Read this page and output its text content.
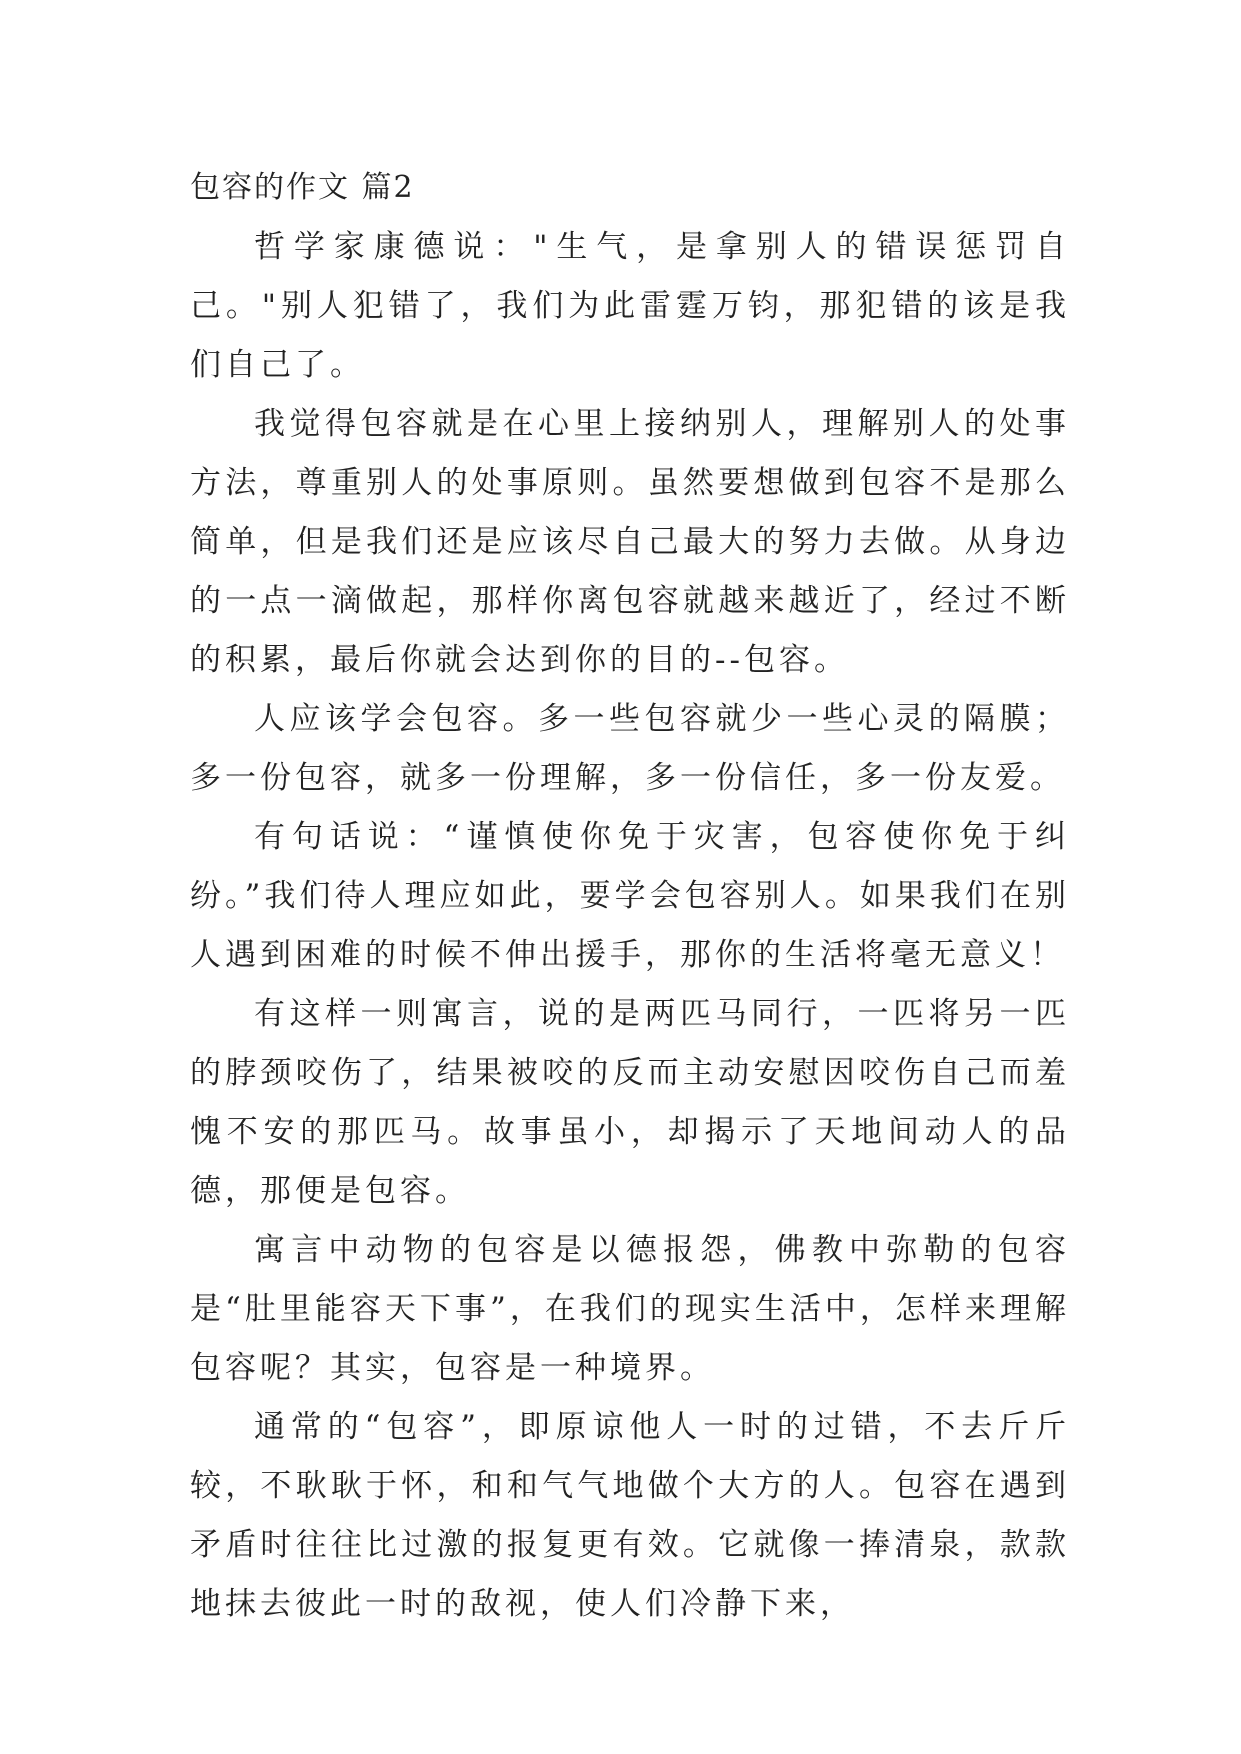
包容的作文 篇2

哲学家康德说："生气，是拿别人的错误惩罚自己。"别人犯错了，我们为此雷霆万钧，那犯错的该是我们自己了。

我觉得包容就是在心里上接纳别人，理解别人的处事方法，尊重别人的处事原则。虽然要想做到包容不是那么简单，但是我们还是应该尽自己最大的努力去做。从身边的一点一滴做起，那样你离包容就越来越近了，经过不断的积累，最后你就会达到你的目的--包容。

人应该学会包容。多一些包容就少一些心灵的隔膜；多一份包容，就多一份理解，多一份信任，多一份友爱。

有句话说：“谨慎使你免于灾害，包容使你免于纠纷。”我们待人理应如此，要学会包容别人。如果我们在别人遇到困难的时候不伸出援手，那你的生活将毫无意义！

有这样一则寓言，说的是两匹马同行，一匹将另一匹的脖颈咬伤了，结果被咬的反而主动安慰因咬伤自己而羞愧不安的那匹马。故事虽小，却揭示了天地间动人的品德，那便是包容。

寓言中动物的包容是以德报怨，佛教中弥勒的包容是“肚里能容天下事”，在我们的现实生活中，怎样来理解包容呢？其实，包容是一种境界。

通常的“包容”，即原谅他人一时的过错，不去斤斤较，不耿耿于怀，和和气气地做个大方的人。包容在遇到矛盾时往往比过激的报复更有效。它就像一捧清泉，款款地抹去彼此一时的敌视，使人们冷静下来，
